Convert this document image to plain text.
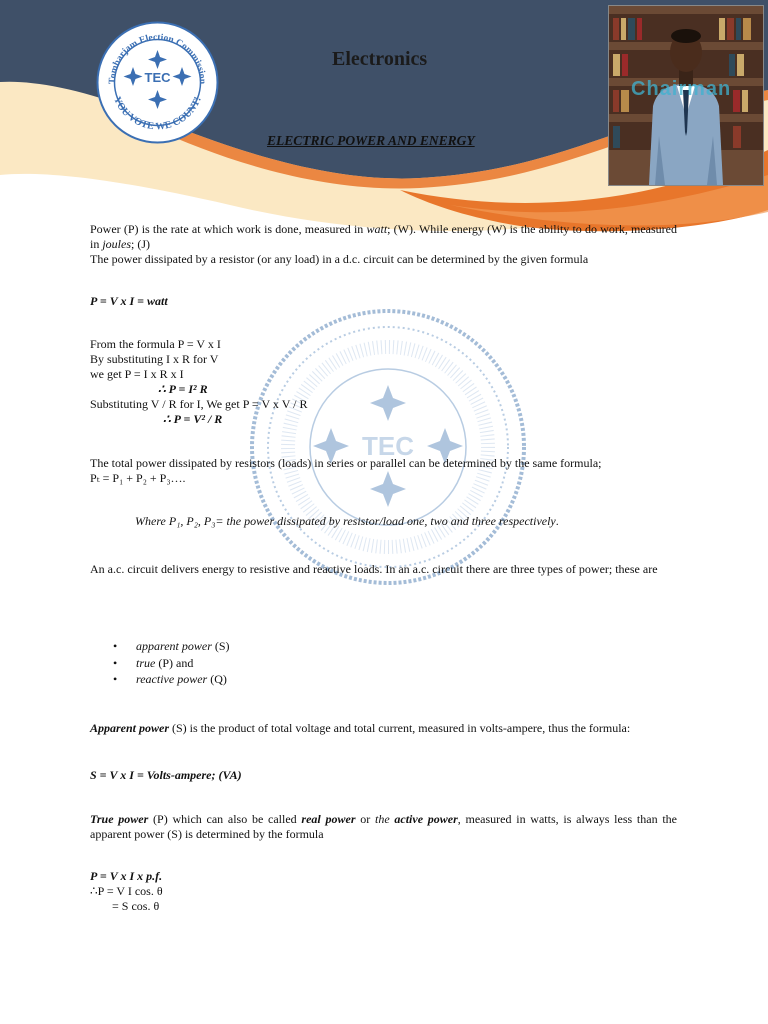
Tombarjam Election Commission
YOU VOTE WE COUNT!
TEC
Electronics
Chairman
ELECTRIC POWER AND ENERGY
TEC
Power (P) is the rate at which work is done, measured in watt; (W). While energy (W) is the ability to do work, measured in joules; (J)
The power dissipated by a resistor (or any load) in a d.c. circuit can be determined by the given formula
P = V x I = watt
From the formula P = V x I
By substituting I x R for V
we get P = I x R x I
∴ P = I² R
Substituting V / R for I, We get P = V x V / R
∴ P = V² / R
The total power dissipated by resistors (loads) in series or parallel can be determined by the same formula;
Pₜ = P₁ + P₂ + P₃….
Where P₁, P₂, P₃= the power dissipated by resistor/load one, two and three respectively.
An a.c. circuit delivers energy to resistive and reactive loads. In an a.c. circuit there are three types of power; these are
• apparent power (S)
• true (P) and
• reactive power (Q)
Apparent power (S) is the product of total voltage and total current, measured in volts-ampere, thus the formula:
S = V x I = Volts-ampere; (VA)
True power (P) which can also be called real power or the active power, measured in watts, is always less than the apparent power (S) is determined by the formula
P = V x I x p.f.
∴P = V I cos. θ
= S cos. θ
